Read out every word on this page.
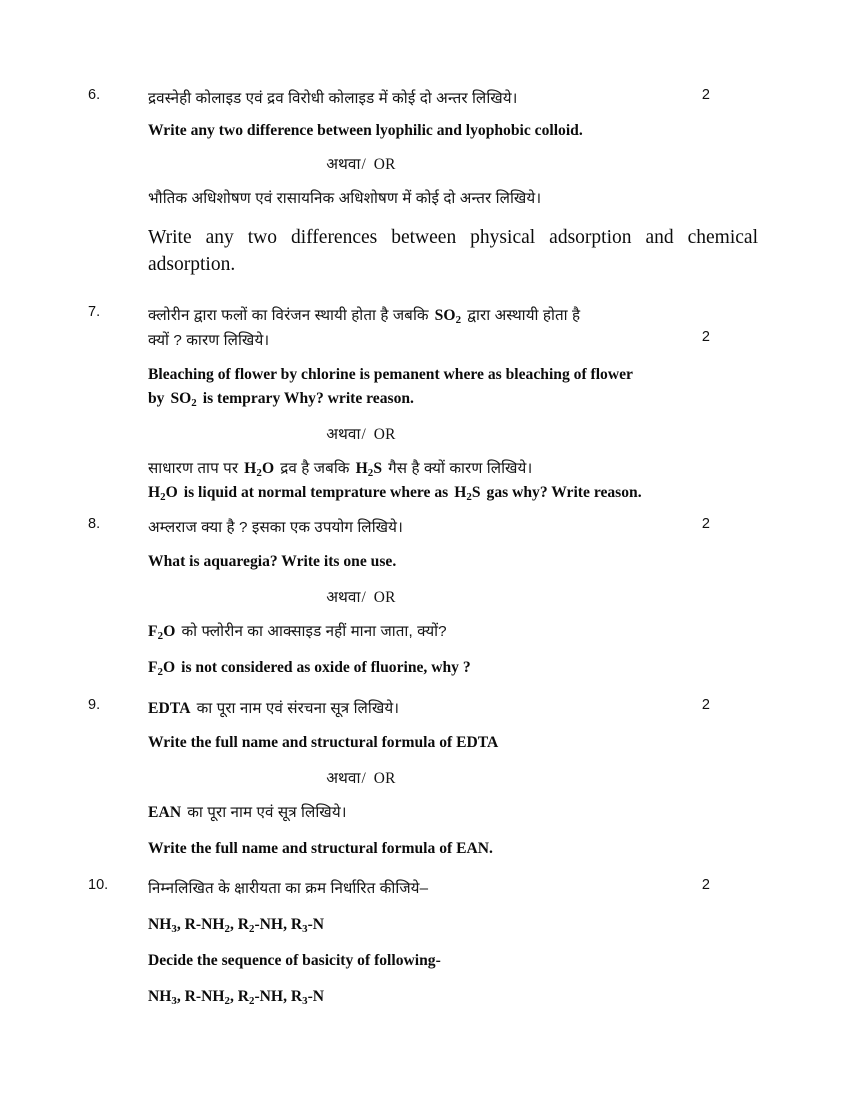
6.	2
द्रवस्नेही कोलाइड एवं द्रव विरोधी कोलाइड में कोई दो अन्तर लिखिये।
Write any two difference between lyophilic and lyophobic colloid.
अथवा/ OR
भौतिक अधिशोषण एवं रासायनिक अधिशोषण में कोई दो अन्तर लिखिये।
Write any two differences between physical adsorption and chemical adsorption.
7.	क्लोरीन द्वारा फलों का विरंजन स्थायी होता है जबकि $SO_2$ द्वारा अस्थायी होता है
2
क्यों ? कारण लिखिये।
Bleaching of flower by chlorine is pemanent where as bleaching of flower
by $SO_2$ is temprary Why? write reason.
अथवा/ OR
साधारण ताप पर $H_2O$ द्रव है जबकि $H_2S$ गैस है क्यों कारण लिखिये।
$H_2O$ is liquid at normal temprature where as $H_2S$ gas why? Write reason.
8.	2
अम्लराज क्या है ? इसका एक उपयोग लिखिये।
What is aquaregia? Write its one use.
अथवा/ OR
$F_2O$ को फ्लोरीन का आक्साइड नहीं माना जाता, क्यों?
$F_2O$ is not considered as oxide of fluorine, why ?
9.	2
EDTA का पूरा नाम एवं संरचना सूत्र लिखिये।
Write the full name and structural formula of EDTA
अथवा/ OR
EAN का पूरा नाम एवं सूत्र लिखिये।
Write the full name and structural formula of EAN.
10.	2
निम्नलिखित के क्षारीयता का क्रम निर्धारित कीजिये–
$NH_3$, $R-NH_2$, $R_2-NH$, $R_3-N$
Decide the sequence of basicity of following-
$NH_3$, $R-NH_2$, $R_2-NH$, $R_3-N$
